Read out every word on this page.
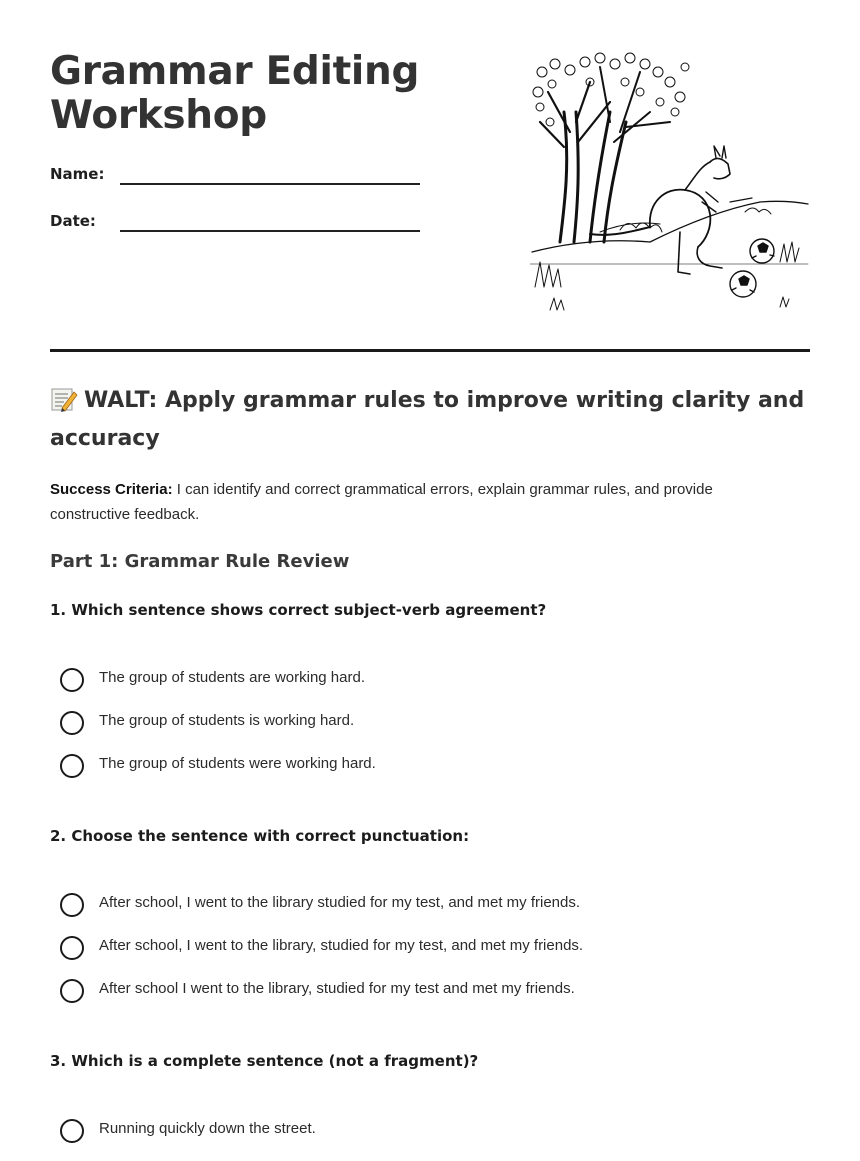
Grammar Editing
Workshop
Name:
Date:
WALT: Apply grammar rules to improve writing clarity and accuracy
Success Criteria: I can identify and correct grammatical errors, explain grammar rules, and provide constructive feedback.
Part 1: Grammar Rule Review
1. Which sentence shows correct subject-verb agreement?
The group of students are working hard.
The group of students is working hard.
The group of students were working hard.
2. Choose the sentence with correct punctuation:
After school, I went to the library studied for my test, and met my friends.
After school, I went to the library, studied for my test, and met my friends.
After school I went to the library, studied for my test and met my friends.
3. Which is a complete sentence (not a fragment)?
Running quickly down the street.
